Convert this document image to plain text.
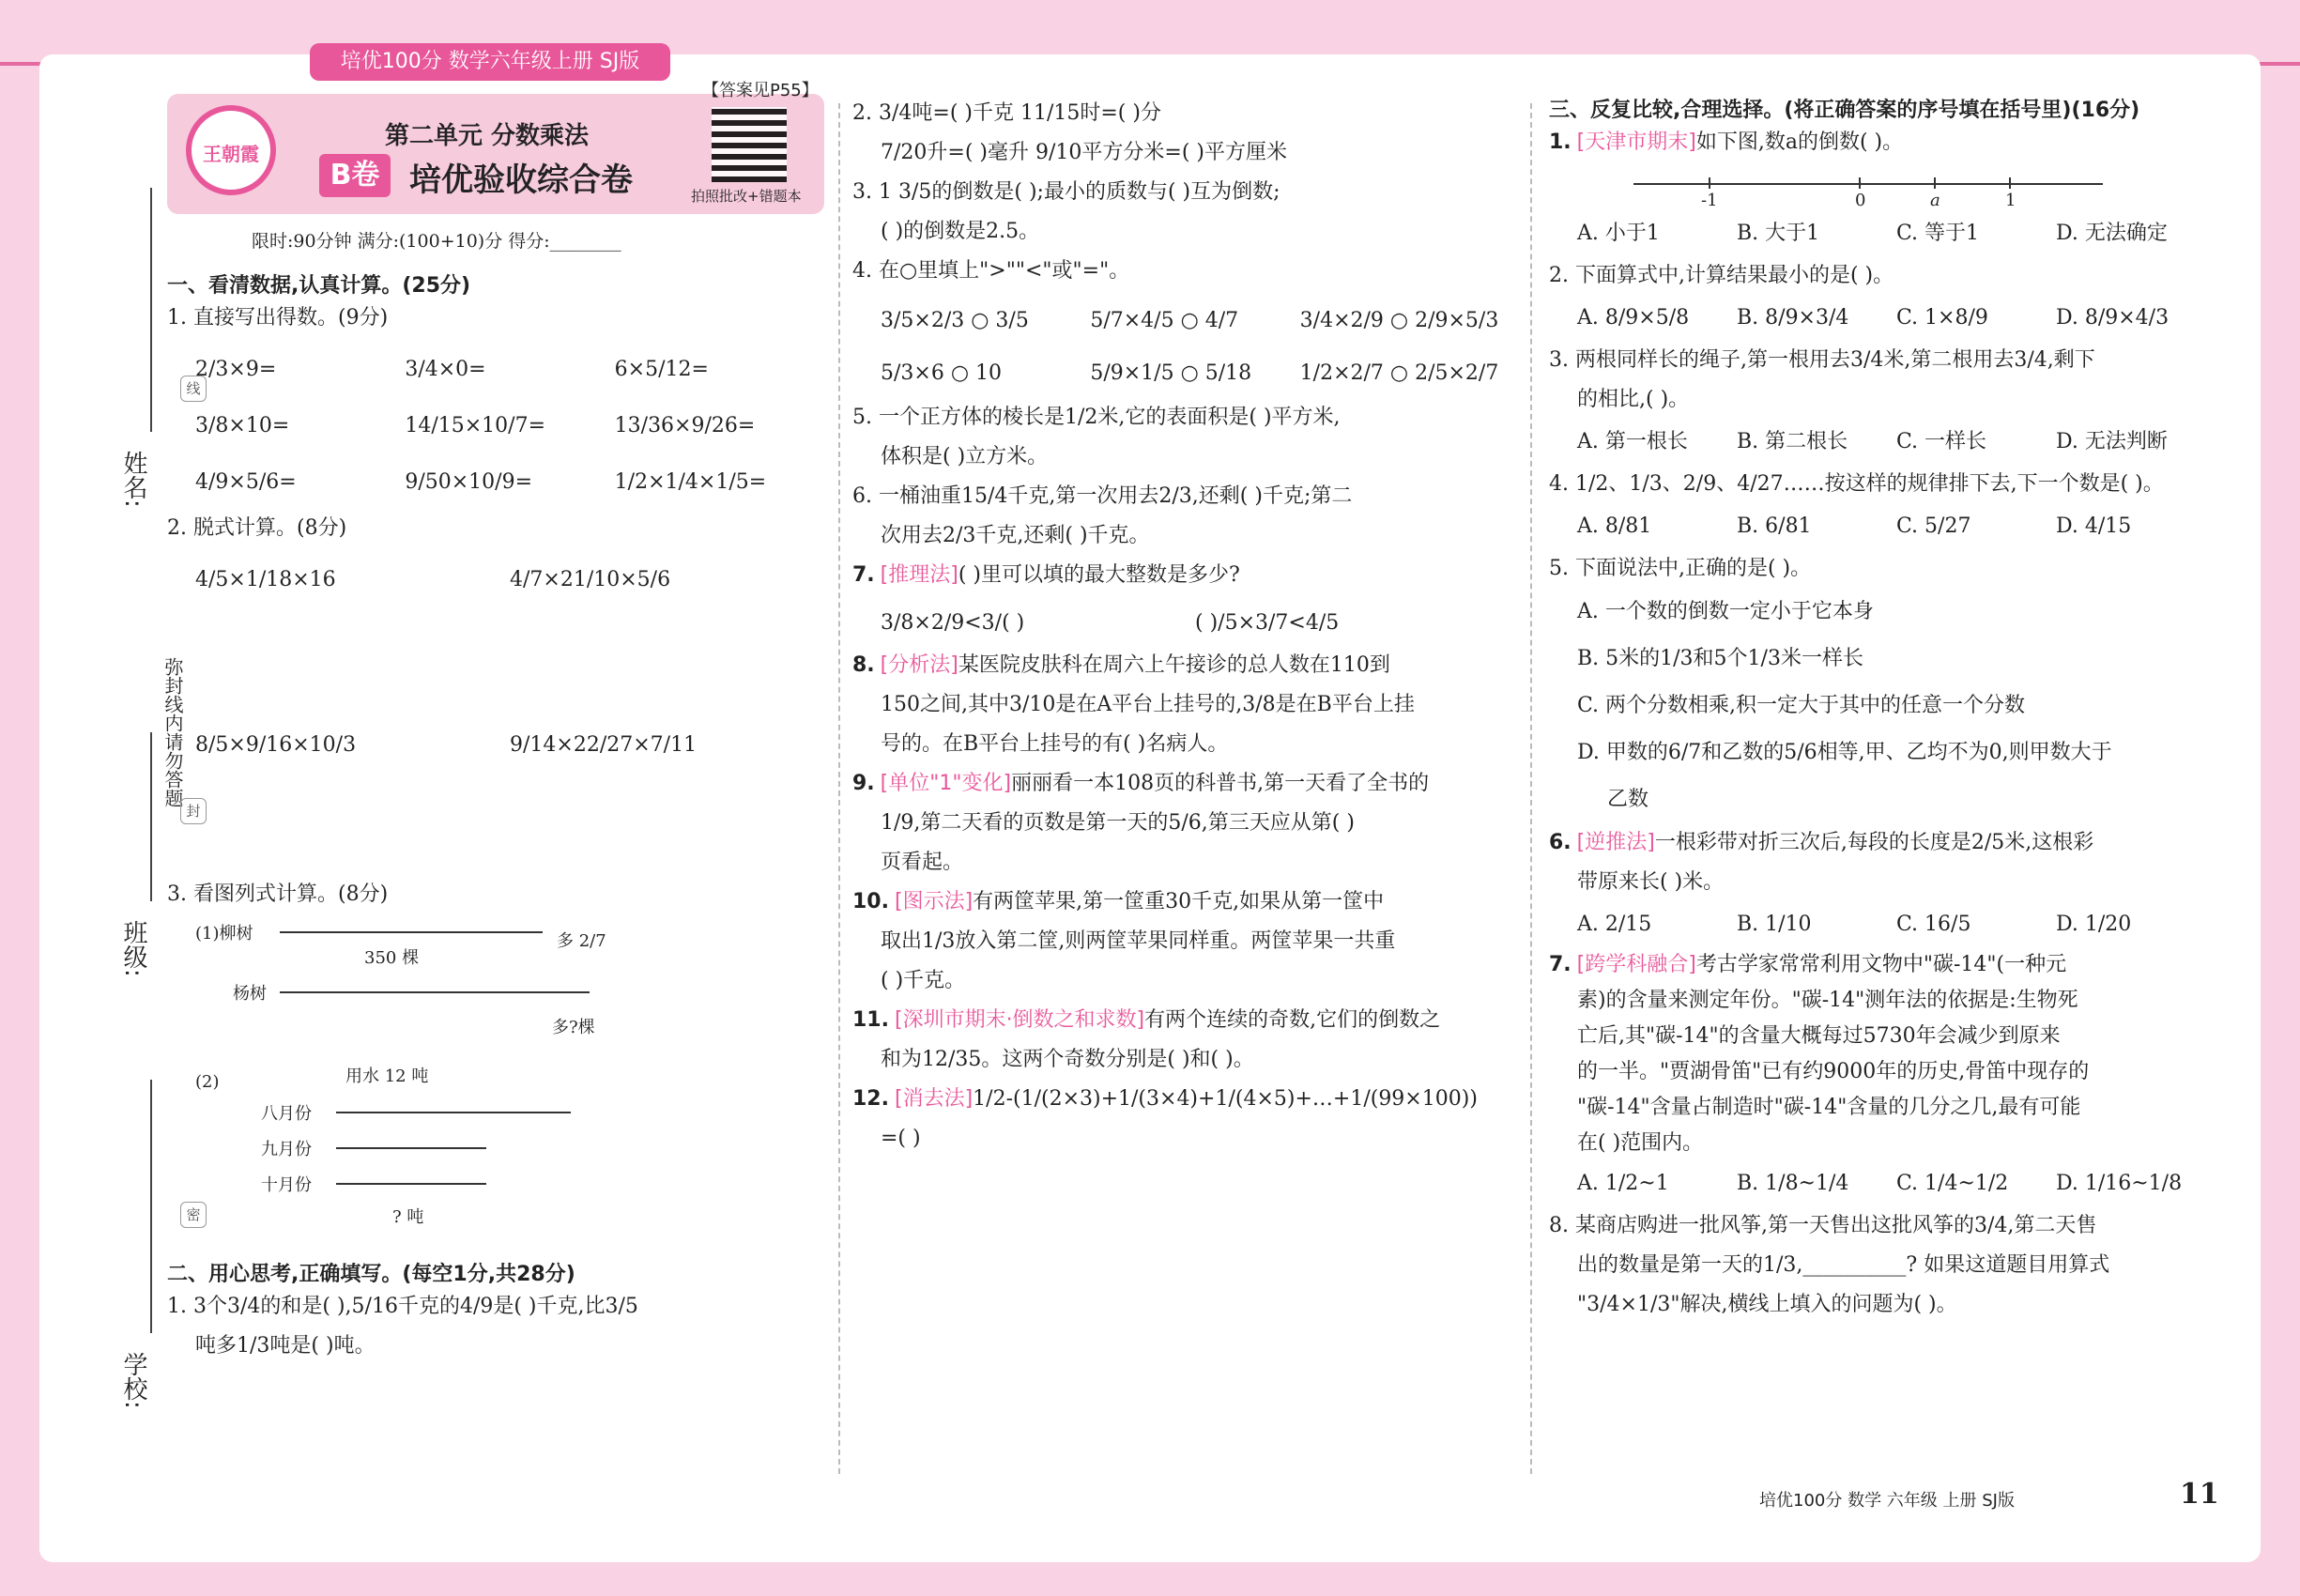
培优100分 数学六年级上册 SJ版
姓名:
线
弥封线内请勿答题
封
班级:
密
学校:
王朝霞
第二单元 分数乘法
B卷 培优验收综合卷
【答案见P55】
拍照批改+错题本
限时:90分钟 满分:(100+10)分 得分:________
一、看清数据,认真计算。(25分)
1. 直接写出得数。(9分)
2/3×9=	3/4×0=	6×5/12=
3/8×10=	14/15×10/7=	13/36×9/26=
4/9×5/6=	9/50×10/9=	1/2×1/4×1/5=
2. 脱式计算。(8分)
4/5×1/18×16	4/7×21/10×5/6
8/5×9/16×10/3	9/14×22/27×7/11
3. 看图列式计算。(8分)
(1)柳树
350 棵
多 2/7
杨树
多?棵
(2)	用水 12 吨
八月份
九月份
十月份
? 吨
二、用心思考,正确填写。(每空1分,共28分)
1. 3个3/4的和是( ),5/16千克的4/9是( )千克,比3/5
吨多1/3吨是( )吨。
2. 3/4吨=( )千克 11/15时=( )分
7/20升=( )毫升 9/10平方分米=( )平方厘米
3. 1 3/5的倒数是( );最小的质数与( )互为倒数;
( )的倒数是2.5。
4. 在○里填上">""<"或"="。
3/5×2/3 ○ 3/5	5/7×4/5 ○ 4/7	3/4×2/9 ○ 2/9×5/3
5/3×6 ○ 10	5/9×1/5 ○ 5/18	1/2×2/7 ○ 2/5×2/7
5. 一个正方体的棱长是1/2米,它的表面积是( )平方米,
体积是( )立方米。
6. 一桶油重15/4千克,第一次用去2/3,还剩( )千克;第二
次用去2/3千克,还剩( )千克。
7. [推理法]( )里可以填的最大整数是多少?
3/8×2/9<3/( )	( )/5×3/7<4/5
8. [分析法]某医院皮肤科在周六上午接诊的总人数在110到
150之间,其中3/10是在A平台上挂号的,3/8是在B平台上挂
号的。在B平台上挂号的有( )名病人。
9. [单位"1"变化]丽丽看一本108页的科普书,第一天看了全书的
1/9,第二天看的页数是第一天的5/6,第三天应从第( )
页看起。
10. [图示法]有两筐苹果,第一筐重30千克,如果从第一筐中
取出1/3放入第二筐,则两筐苹果同样重。两筐苹果一共重
( )千克。
11. [深圳市期末·倒数之和求数]有两个连续的奇数,它们的倒数之
和为12/35。这两个奇数分别是( )和( )。
12. [消去法]1/2-(1/(2×3)+1/(3×4)+1/(4×5)+…+1/(99×100))
=( )
三、反复比较,合理选择。(将正确答案的序号填在括号里)(16分)
1. [天津市期末]如下图,数a的倒数( )。
-1	0	a	1
A. 小于1	B. 大于1	C. 等于1	D. 无法确定
2. 下面算式中,计算结果最小的是( )。
A. 8/9×5/8	B. 8/9×3/4	C. 1×8/9	D. 8/9×4/3
3. 两根同样长的绳子,第一根用去3/4米,第二根用去3/4,剩下
的相比,( )。
A. 第一根长	B. 第二根长	C. 一样长	D. 无法判断
4. 1/2、1/3、2/9、4/27……按这样的规律排下去,下一个数是( )。
A. 8/81	B. 6/81	C. 5/27	D. 4/15
5. 下面说法中,正确的是( )。
A. 一个数的倒数一定小于它本身
B. 5米的1/3和5个1/3米一样长
C. 两个分数相乘,积一定大于其中的任意一个分数
D. 甲数的6/7和乙数的5/6相等,甲、乙均不为0,则甲数大于
乙数
6. [逆推法]一根彩带对折三次后,每段的长度是2/5米,这根彩
带原来长( )米。
A. 2/15	B. 1/10	C. 16/5	D. 1/20
7. [跨学科融合]考古学家常常利用文物中"碳-14"(一种元
素)的含量来测定年份。"碳-14"测年法的依据是:生物死
亡后,其"碳-14"的含量大概每过5730年会减少到原来
的一半。"贾湖骨笛"已有约9000年的历史,骨笛中现存的
"碳-14"含量占制造时"碳-14"含量的几分之几,最有可能
在( )范围内。
A. 1/2~1	B. 1/8~1/4	C. 1/4~1/2	D. 1/16~1/8
8. 某商店购进一批风筝,第一天售出这批风筝的3/4,第二天售
出的数量是第一天的1/3,__________? 如果这道题目用算式
"3/4×1/3"解决,横线上填入的问题为( )。
培优100分 数学 六年级 上册 SJ版	11
